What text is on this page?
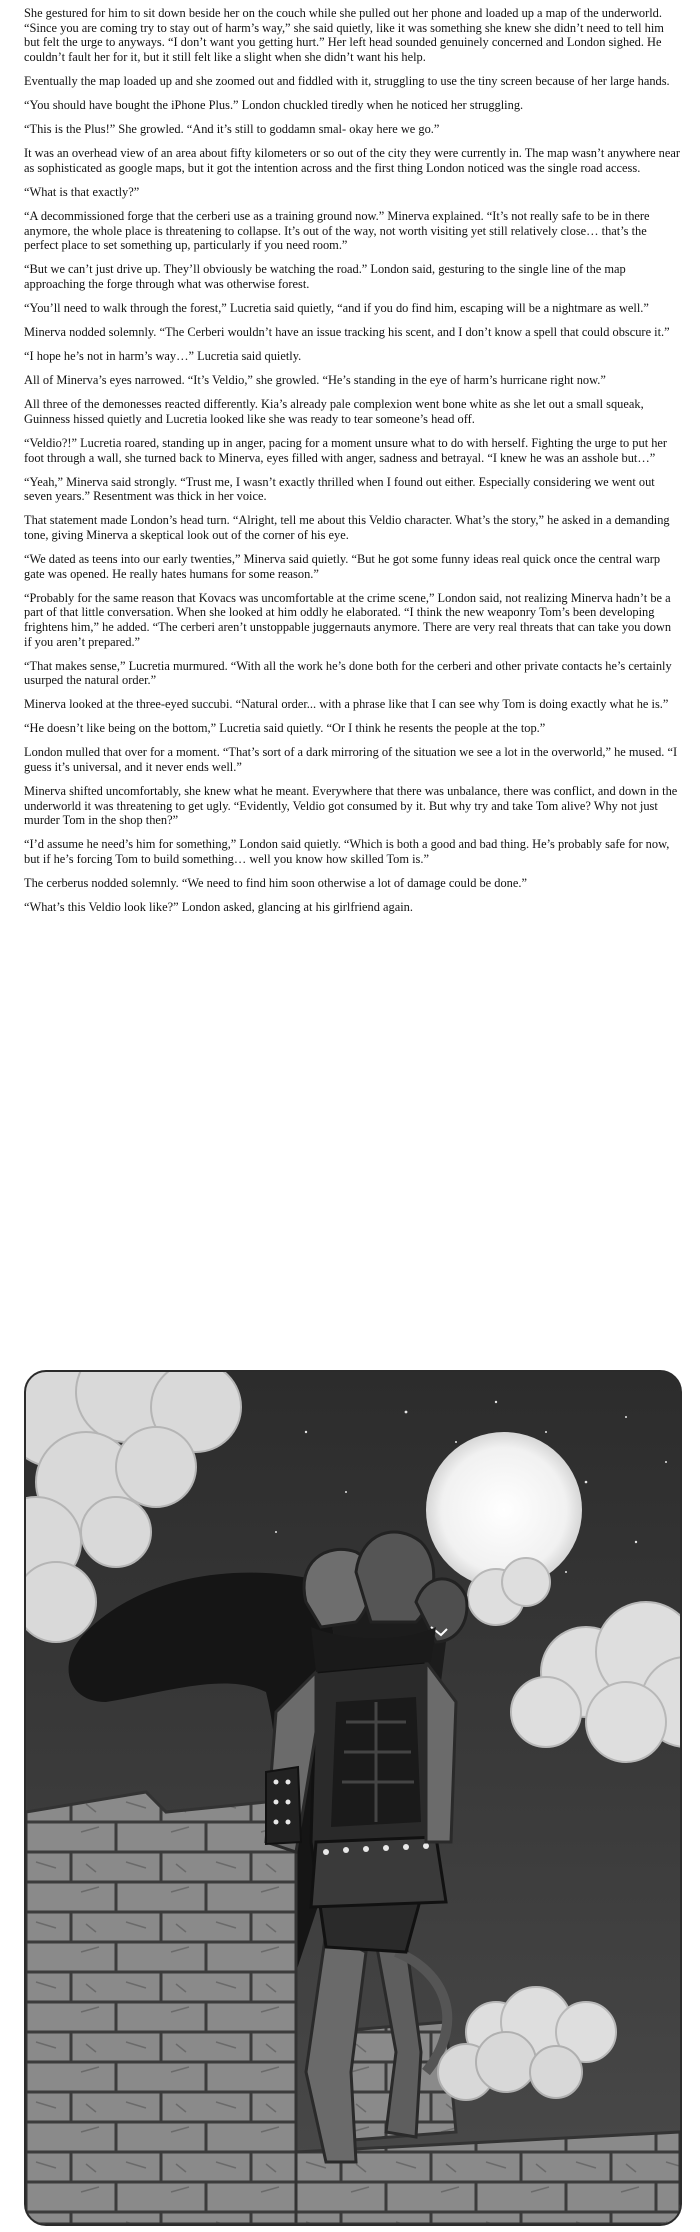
She gestured for him to sit down beside her on the couch while she pulled out her phone and loaded up a map of the underworld. “Since you are coming try to stay out of harm’s way,” she said quietly, like it was something she knew she didn’t need to tell him but felt the urge to anyways. “I don’t want you getting hurt.” Her left head sounded genuinely concerned and London sighed. He couldn’t fault her for it, but it still felt like a slight when she didn’t want his help.

Eventually the map loaded up and she zoomed out and fiddled with it, struggling to use the tiny screen because of her large hands.

“You should have bought the iPhone Plus.” London chuckled tiredly when he noticed her struggling.

“This is the Plus!” She growled. “And it’s still to goddamn smal- okay here we go.”

It was an overhead view of an area about fifty kilometers or so out of the city they were currently in. The map wasn’t anywhere near as sophisticated as google maps, but it got the intention across and the first thing London noticed was the single road access.

“What is that exactly?”

“A decommissioned forge that the cerberi use as a training ground now.” Minerva explained. “It’s not really safe to be in there anymore, the whole place is threatening to collapse. It’s out of the way, not worth visiting yet still relatively close… that’s the perfect place to set something up, particularly if you need room.”

“But we can’t just drive up. They’ll obviously be watching the road.” London said, gesturing to the single line of the map approaching the forge through what was otherwise forest.

“You’ll need to walk through the forest,” Lucretia said quietly, “and if you do find him, escaping will be a nightmare as well.”

Minerva nodded solemnly. “The Cerberi wouldn’t have an issue tracking his scent, and I don’t know a spell that could obscure it.”

“I hope he’s not in harm’s way…” Lucretia said quietly.

All of Minerva’s eyes narrowed. “It’s Veldio,” she growled. “He’s standing in the eye of harm’s hurricane right now.”

All three of the demonesses reacted differently. Kia’s already pale complexion went bone white as she let out a small squeak, Guinness hissed quietly and Lucretia looked like she was ready to tear someone’s head off.

“Veldio?!” Lucretia roared, standing up in anger, pacing for a moment unsure what to do with herself. Fighting the urge to put her foot through a wall, she turned back to Minerva, eyes filled with anger, sadness and betrayal. “I knew he was an asshole but…”

“Yeah,” Minerva said strongly. “Trust me, I wasn’t exactly thrilled when I found out either. Especially considering we went out seven years.” Resentment was thick in her voice.

That statement made London’s head turn. “Alright, tell me about this Veldio character. What’s the story,” he asked in a demanding tone, giving Minerva a skeptical look out of the corner of his eye.

“We dated as teens into our early twenties,” Minerva said quietly. “But he got some funny ideas real quick once the central warp gate was opened. He really hates humans for some reason.”

“Probably for the same reason that Kovacs was uncomfortable at the crime scene,” London said, not realizing Minerva hadn’t be a part of that little conversation. When she looked at him oddly he elaborated. “I think the new weaponry Tom’s been developing frightens him,” he added. “The cerberi aren’t unstoppable juggernauts anymore. There are very real threats that can take you down if you aren’t prepared.”

“That makes sense,” Lucretia murmured. “With all the work he’s done both for the cerberi and other private contacts he’s certainly usurped the natural order.”

Minerva looked at the three-eyed succubi. “Natural order... with a phrase like that I can see why Tom is doing exactly what he is.”

“He doesn’t like being on the bottom,” Lucretia said quietly. “Or I think he resents the people at the top.”

London mulled that over for a moment. “That’s sort of a dark mirroring of the situation we see a lot in the overworld,” he mused. “I guess it’s universal, and it never ends well.”

Minerva shifted uncomfortably, she knew what he meant. Everywhere that there was unbalance, there was conflict, and down in the underworld it was threatening to get ugly. “Evidently, Veldio got consumed by it. But why try and take Tom alive? Why not just murder Tom in the shop then?”

“I’d assume he need’s him for something,” London said quietly. “Which is both a good and bad thing. He’s probably safe for now, but if he’s forcing Tom to build something… well you know how skilled Tom is.”

The cerberus nodded solemnly. “We need to find him soon otherwise a lot of damage could be done.”

“What’s this Veldio look like?” London asked, glancing at his girlfriend again.
